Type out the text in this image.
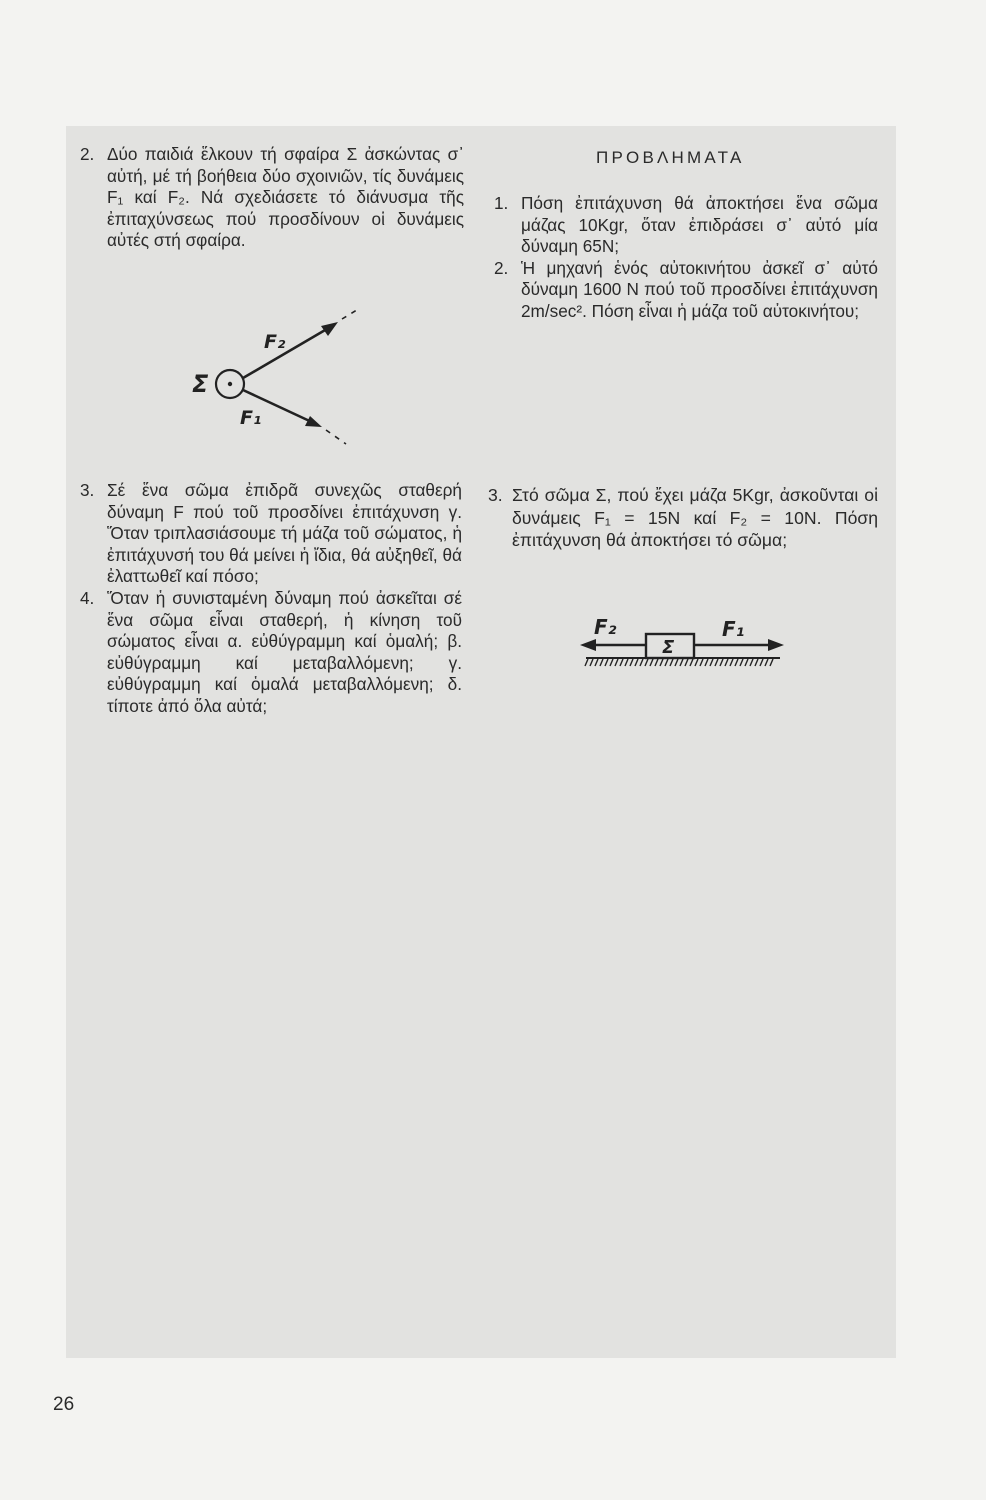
2. Δύο παιδιά ἕλκουν τή σφαίρα Σ ἀσκώντας σ᾽ αὐτή, μέ τή βοήθεια δύο σχοινιῶν, τίς δυνάμεις F₁ καί F₂. Νά σχεδιάσετε τό διάνυσμα τῆς ἐπιταχύνσεως πού προσδίνουν οἱ δυνάμεις αὐτές στή σφαίρα.

Σ
F₂
F₁
3. Σέ ἕνα σῶμα ἐπιδρᾶ συνεχῶς σταθερή δύναμη F πού τοῦ προσδίνει ἐπιτάχυνση γ. Ὅταν τριπλασιάσουμε τή μάζα τοῦ σώματος, ἡ ἐπιτάχυνσή του θά μείνει ἡ ἴδια, θά αὐξηθεῖ, θά ἐλαττωθεῖ καί πόσο;

4. Ὅταν ἡ συνισταμένη δύναμη πού ἀσκεῖται σέ ἕνα σῶμα εἶναι σταθερή, ἡ κίνηση τοῦ σώματος εἶναι α. εὐθύγραμμη καί ὁμαλή; β. εὐθύγραμμη καί μεταβαλλόμενη; γ. εὐθύγραμμη καί ὁμαλά μεταβαλλόμενη; δ. τίποτε ἀπό ὅλα αὐτά;

ΠΡΟΒΛΗΜΑΤΑ
1. Πόση ἐπιτάχυνση θά ἀποκτήσει ἕνα σῶμα μάζας 10Kgr, ὅταν ἐπιδράσει σ᾽ αὐτό μία δύναμη 65N;

2. Ἡ μηχανή ἑνός αὐτοκινήτου ἀσκεῖ σ᾽ αὐτό δύναμη 1600 N πού τοῦ προσδίνει ἐπιτάχυνση 2m/sec². Πόση εἶναι ἡ μάζα τοῦ αὐτοκινήτου;

3. Στό σῶμα Σ, πού ἔχει μάζα 5Kgr, ἀσκοῦνται οἱ δυνάμεις F₁ = 15N καί F₂ = 10N. Πόση ἐπιτάχυνση θά ἀποκτήσει τό σῶμα;

F₂	F₁
Σ
26
